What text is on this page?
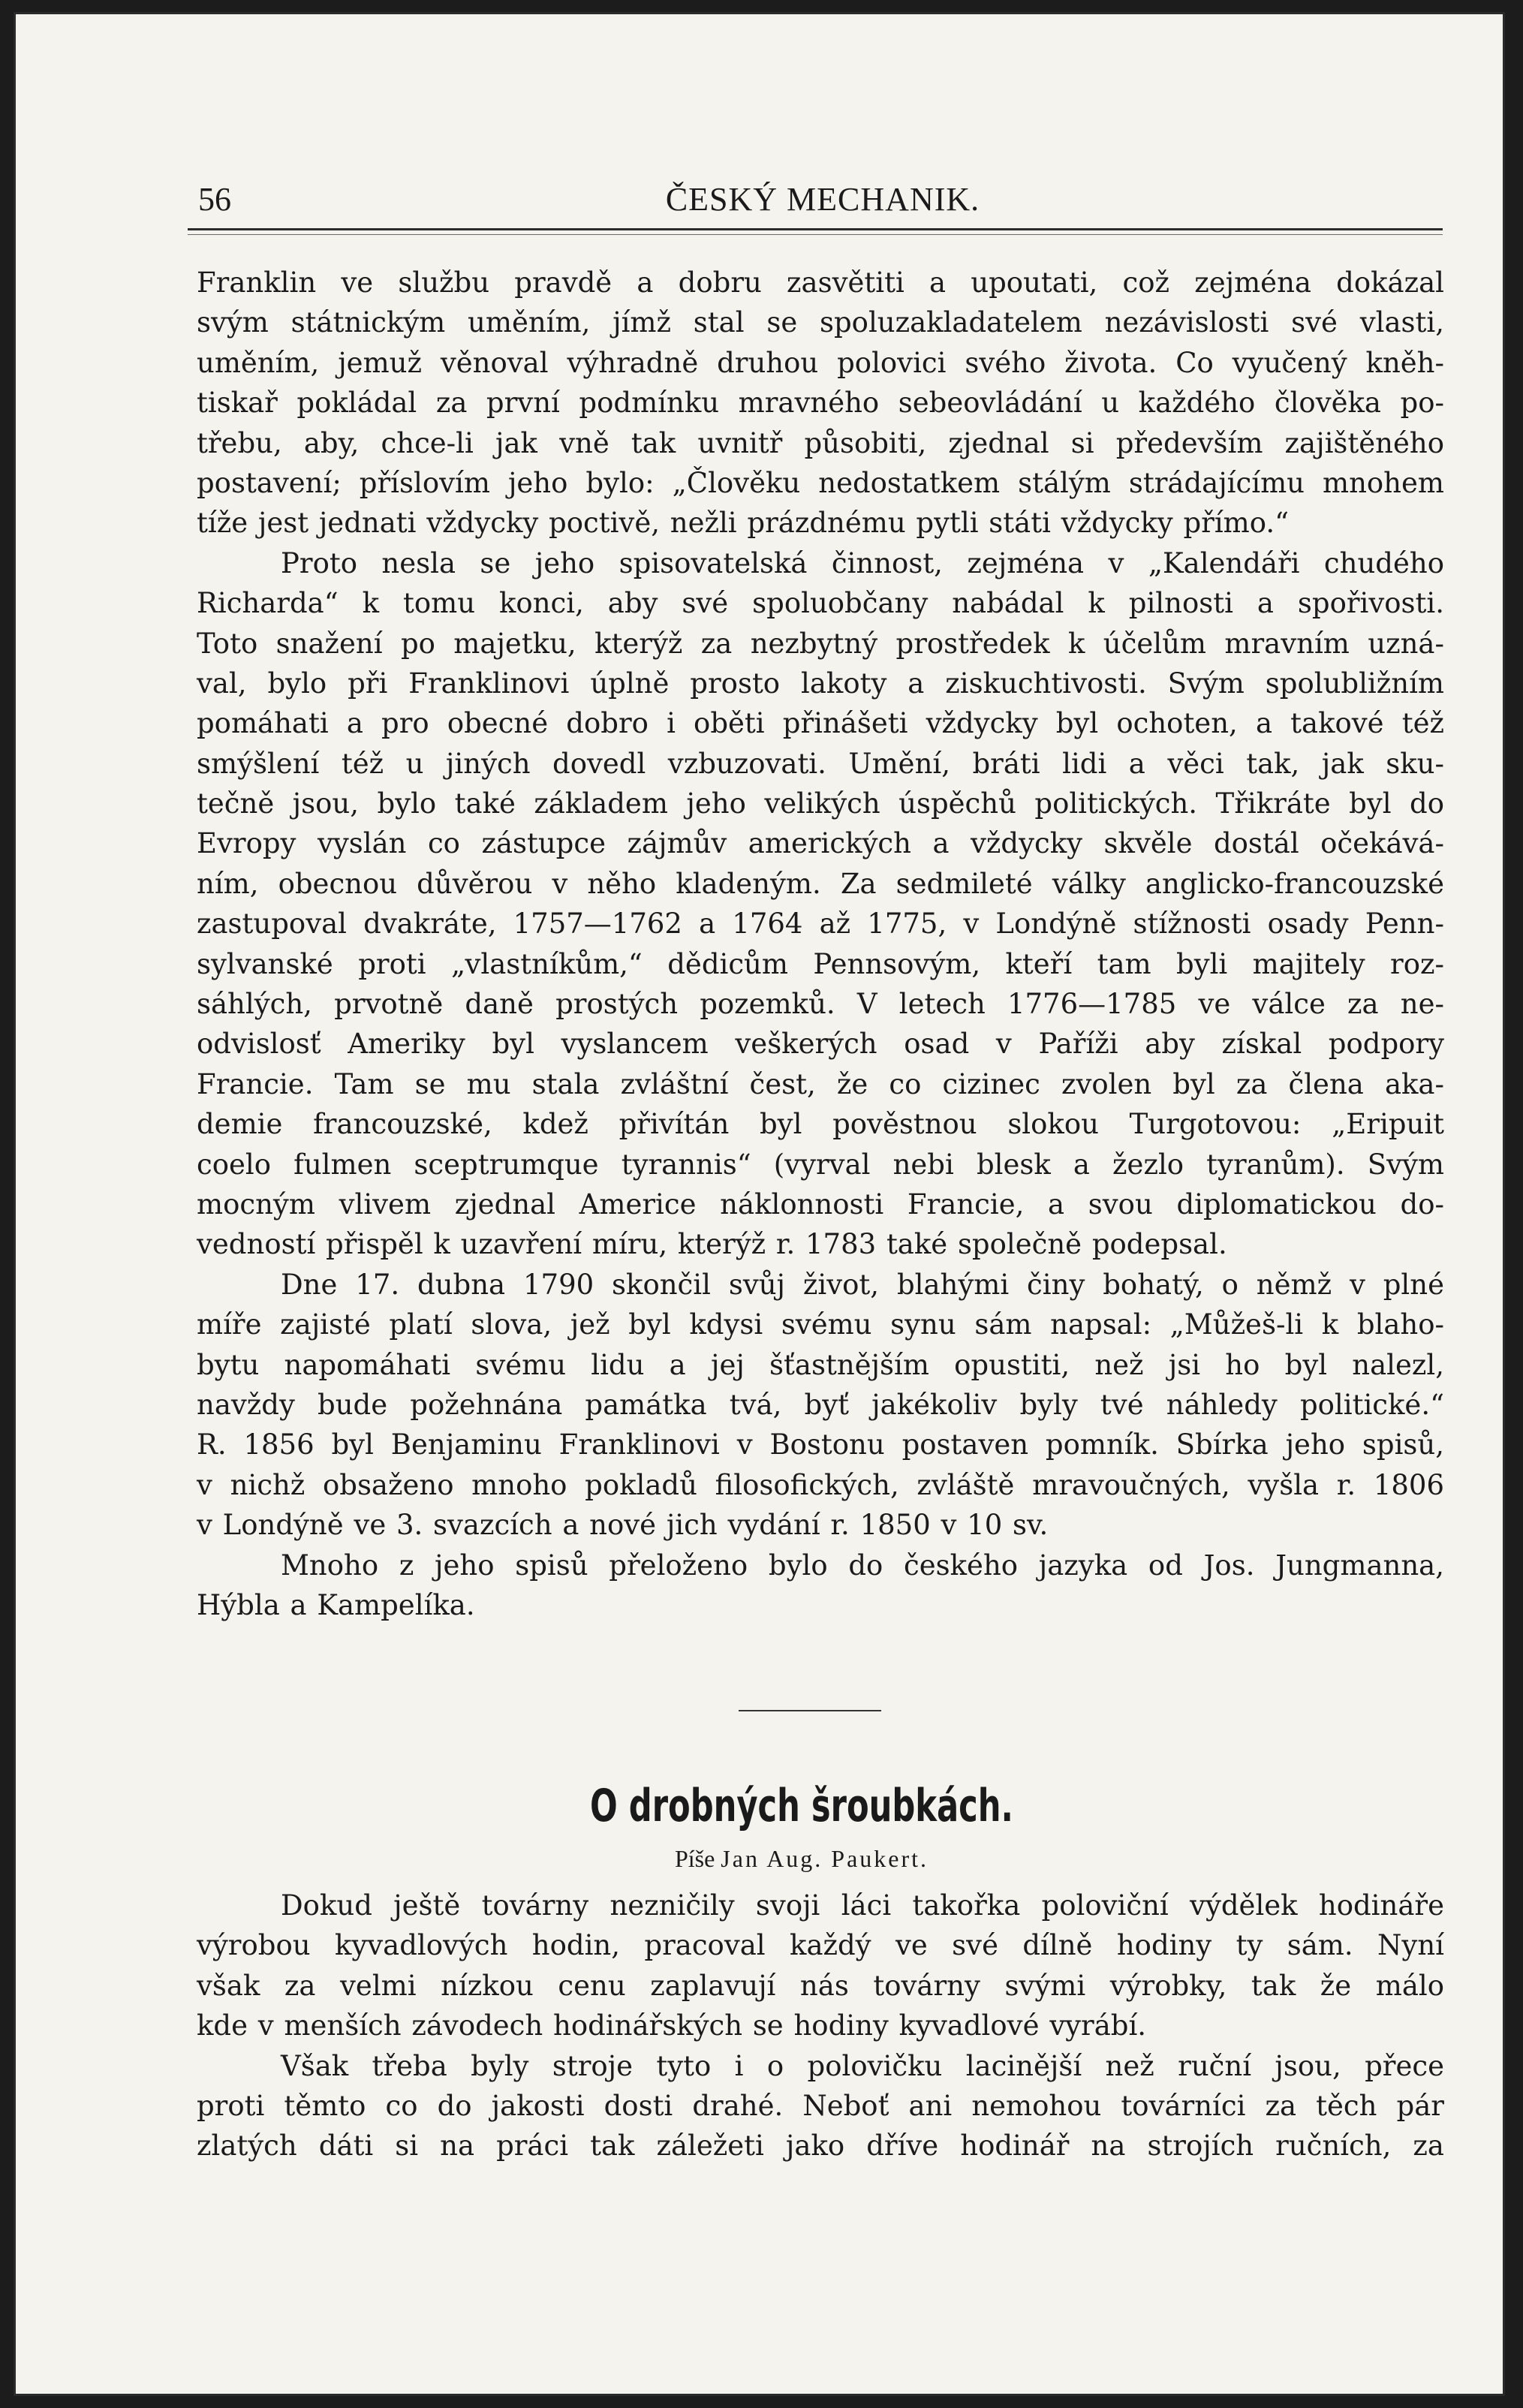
56	ČESKÝ MECHANIK.
Franklin ve službu pravdě a dobru zasvětiti a upoutati, což zejména dokázal
svým státnickým uměním, jímž stal se spoluzakladatelem nezávislosti své vlasti,
uměním, jemuž věnoval výhradně druhou polovici svého života. Co vyučený kněh-
tiskař pokládal za první podmínku mravného sebeovládání u každého člověka po-
třebu, aby, chce-li jak vně tak uvnitř působiti, zjednal si především zajištěného
postavení; příslovím jeho bylo: „Člověku nedostatkem stálým strádajícímu mnohem
tíže jest jednati vždycky poctivě, nežli prázdnému pytli státi vždycky přímo.“
Proto nesla se jeho spisovatelská činnost, zejména v „Kalendáři chudého
Richarda“ k tomu konci, aby své spoluobčany nabádal k pilnosti a spořivosti.
Toto snažení po majetku, kterýž za nezbytný prostředek k účelům mravním uzná-
val, bylo při Franklinovi úplně prosto lakoty a ziskuchtivosti. Svým spolubližním
pomáhati a pro obecné dobro i oběti přinášeti vždycky byl ochoten, a takové též
smýšlení též u jiných dovedl vzbuzovati. Umění, bráti lidi a věci tak, jak sku-
tečně jsou, bylo také základem jeho velikých úspěchů politických. Třikráte byl do
Evropy vyslán co zástupce zájmův amerických a vždycky skvěle dostál očekává-
ním, obecnou důvěrou v něho kladeným. Za sedmileté války anglicko-francouzské
zastupoval dvakráte, 1757—1762 a 1764 až 1775, v Londýně stížnosti osady Penn-
sylvanské proti „vlastníkům,“ dědicům Pennsovým, kteří tam byli majitely roz-
sáhlých, prvotně daně prostých pozemků. V letech 1776—1785 ve válce za ne-
odvislosť Ameriky byl vyslancem veškerých osad v Paříži aby získal podpory
Francie. Tam se mu stala zvláštní čest, že co cizinec zvolen byl za člena aka-
demie francouzské, kdež přivítán byl pověstnou slokou Turgotovou: „Eripuit
coelo fulmen sceptrumque tyrannis“ (vyrval nebi blesk a žezlo tyranům). Svým
mocným vlivem zjednal Americe náklonnosti Francie, a svou diplomatickou do-
vedností přispěl k uzavření míru, kterýž r. 1783 také společně podepsal.
Dne 17. dubna 1790 skončil svůj život, blahými činy bohatý, o němž v plné
míře zajisté platí slova, jež byl kdysi svému synu sám napsal: „Můžeš-li k blaho-
bytu napomáhati svému lidu a jej šťastnějším opustiti, než jsi ho byl nalezl,
navždy bude požehnána památka tvá, byť jakékoliv byly tvé náhledy politické.“
R. 1856 byl Benjaminu Franklinovi v Bostonu postaven pomník. Sbírka jeho spisů,
v nichž obsaženo mnoho pokladů filosofických, zvláště mravoučných, vyšla r. 1806
v Londýně ve 3. svazcích a nové jich vydání r. 1850 v 10 sv.
Mnoho z jeho spisů přeloženo bylo do českého jazyka od Jos. Jungmanna,
Hýbla a Kampelíka.
O drobných šroubkách.
Píše Jan Aug. Paukert.
Dokud ještě továrny nezničily svoji láci takořka poloviční výdělek hodináře
výrobou kyvadlových hodin, pracoval každý ve své dílně hodiny ty sám. Nyní
však za velmi nízkou cenu zaplavují nás továrny svými výrobky, tak že málo
kde v menších závodech hodinářských se hodiny kyvadlové vyrábí.
Však třeba byly stroje tyto i o polovičku lacinější než ruční jsou, přece
proti těmto co do jakosti dosti drahé. Neboť ani nemohou továrníci za těch pár
zlatých dáti si na práci tak záležeti jako dříve hodinář na strojích ručních, za
